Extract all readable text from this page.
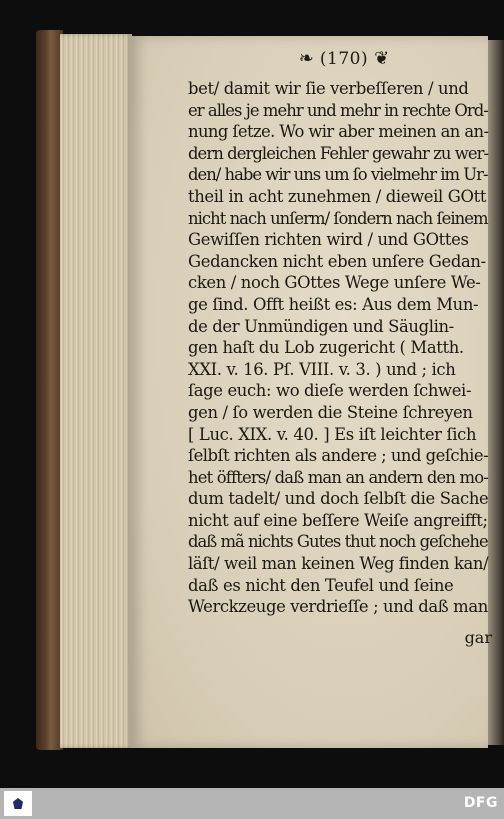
❧ (170) ❦
bet/ damit wir ſie verbeſſeren / und
er alles je mehr und mehr in rechte Ord-
nung ſetze. Wo wir aber meinen an an-
dern dergleichen Fehler gewahr zu wer-
den/ habe wir uns um ſo vielmehr im Ur-
theil in acht zunehmen / dieweil GOtt
nicht nach unſerm/ ſondern nach ſeinem
Gewiſſen richten wird / und GOttes
Gedancken nicht eben unſere Gedan-
cken / noch GOttes Wege unſere We-
ge ſind. Offt heißt es: Aus dem Mun-
de der Unmündigen und Säuglin-
gen haſt du Lob zugericht ( Matth.
XXI. v. 16. Pſ. VIII. v. 3. ) und ; ich
ſage euch: wo dieſe werden ſchwei-
gen / ſo werden die Steine ſchreyen
[ Luc. XIX. v. 40. ] Es iſt leichter ſich
ſelbſt richten als andere ; und geſchie-
het öffters/ daß man an andern den mo-
dum tadelt/ und doch ſelbſt die Sache
nicht auf eine beſſere Weiſe angreifft;
daß mã nichts Gutes thut noch geſchehe
läſt/ weil man keinen Weg finden kan/
daß es nicht den Teufel und ſeine
Werckzeuge verdrieſſe ; und daß man
gar
DFG
